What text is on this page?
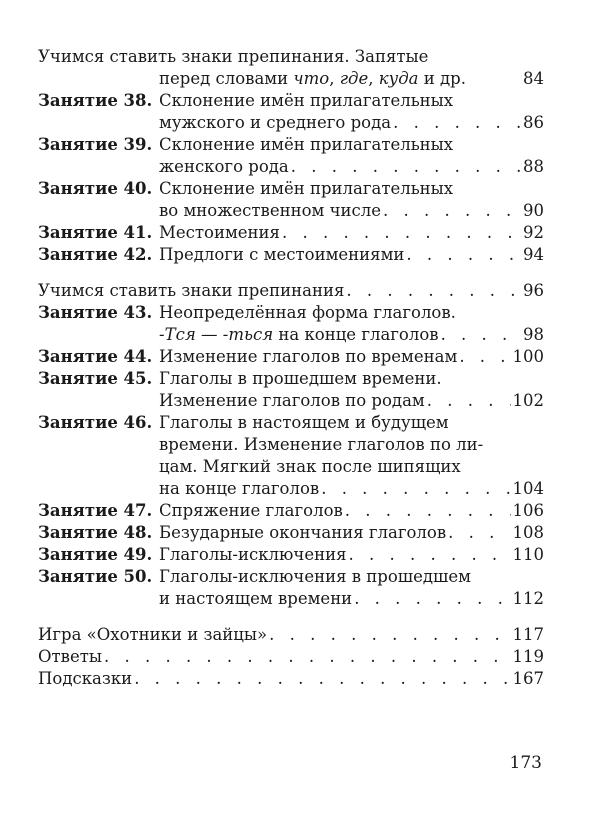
Учимся ставить знаки препинания. Запятые
перед словами что, где, куда и др.	84
Занятие 38. Склонение имён прилагательных
мужского и среднего рода . . .	86
Занятие 39. Склонение имён прилагательных
женского рода . . .	88
Занятие 40. Склонение имён прилагательных
во множественном числе . . .	90
Занятие 41. Местоимения . . .	92
Занятие 42. Предлоги с местоимениями . . .	94
Учимся ставить знаки препинания . . .	96
Занятие 43. Неопределённая форма глаголов.
-Тся — -ться на конце глаголов . . .	98
Занятие 44. Изменение глаголов по временам . . .	100
Занятие 45. Глаголы в прошедшем времени.
Изменение глаголов по родам . . .	102
Занятие 46. Глаголы в настоящем и будущем
времени. Изменение глаголов по ли-
цам. Мягкий знак после шипящих
на конце глаголов . . .	104
Занятие 47. Спряжение глаголов . . .	106
Занятие 48. Безударные окончания глаголов . . .	108
Занятие 49. Глаголы-исключения . . .	110
Занятие 50. Глаголы-исключения в прошедшем
и настоящем времени . . .	112
Игра «Охотники и зайцы» . . .	117
Ответы . . .	119
Подсказки . . .	167
173
